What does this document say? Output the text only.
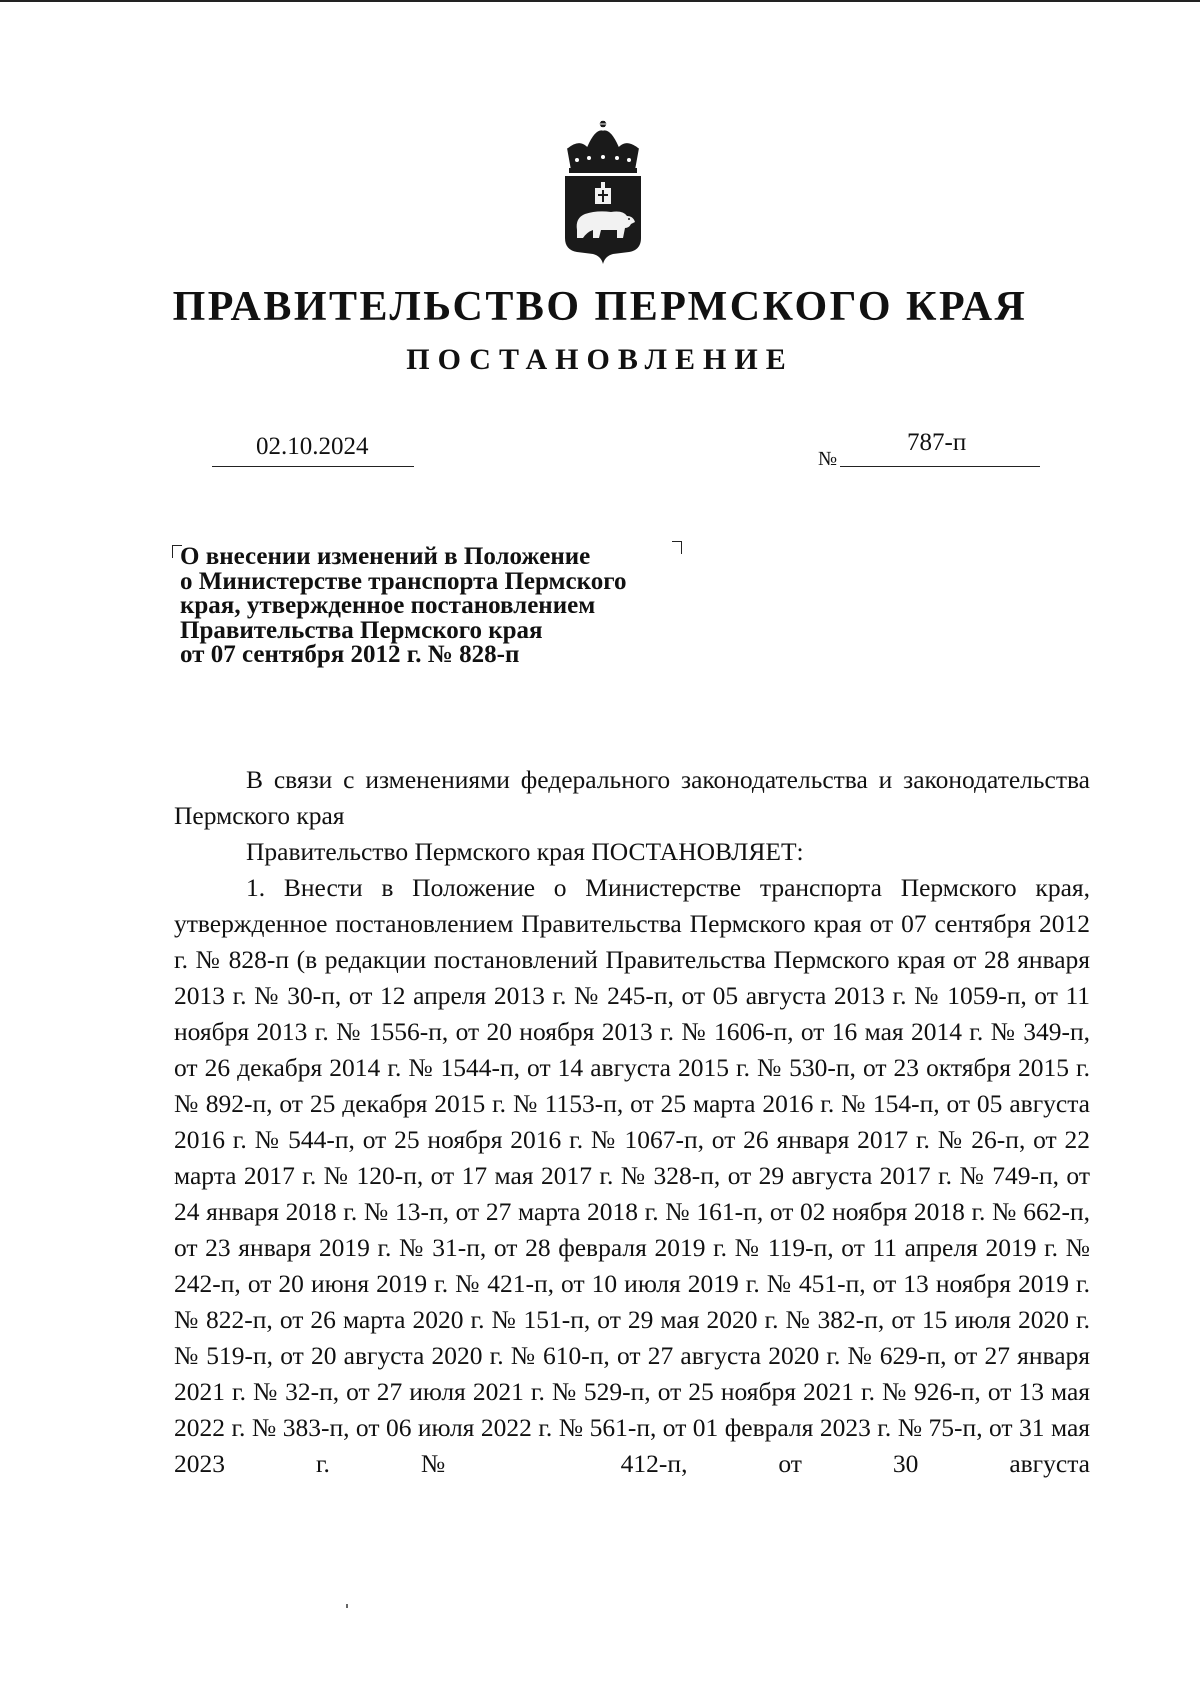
ПРАВИТЕЛЬСТВО ПЕРМСКОГО КРАЯ
ПОСТАНОВЛЕНИЕ
02.10.2024	№
787-п
О внесении изменений в Положение
о Министерстве транспорта Пермского
края, утвержденное постановлением
Правительства Пермского края
от 07 сентября 2012 г. № 828-п

В связи с изменениями федерального законодательства и законодательства Пермского края

Правительство Пермского края ПОСТАНОВЛЯЕТ:

1. Внести в Положение о Министерстве транспорта Пермского края, утвержденное постановлением Правительства Пермского края от 07 сентября 2012 г. № 828-п (в редакции постановлений Правительства Пермского края от 28 января 2013 г. № 30-п, от 12 апреля 2013 г. № 245-п, от 05 августа 2013 г. № 1059-п, от 11 ноября 2013 г. № 1556-п, от 20 ноября 2013 г. № 1606-п, от 16 мая 2014 г. № 349-п, от 26 декабря 2014 г. № 1544-п, от 14 августа 2015 г. № 530-п, от 23 октября 2015 г. № 892-п, от 25 декабря 2015 г. № 1153-п, от 25 марта 2016 г. № 154-п, от 05 августа 2016 г. № 544-п, от 25 ноября 2016 г. № 1067-п, от 26 января 2017 г. № 26-п, от 22 марта 2017 г. № 120-п, от 17 мая 2017 г. № 328-п, от 29 августа 2017 г. № 749-п, от 24 января 2018 г. № 13-п, от 27 марта 2018 г. № 161-п, от 02 ноября 2018 г. № 662-п, от 23 января 2019 г. № 31-п, от 28 февраля 2019 г. № 119-п, от 11 апреля 2019 г. № 242-п, от 20 июня 2019 г. № 421-п, от 10 июля 2019 г. № 451-п, от 13 ноября 2019 г. № 822-п, от 26 марта 2020 г. № 151-п, от 29 мая 2020 г. № 382-п, от 15 июля 2020 г. № 519-п, от 20 августа 2020 г. № 610-п, от 27 августа 2020 г. № 629-п, от 27 января 2021 г. № 32-п, от 27 июля 2021 г. № 529-п, от 25 ноября 2021 г. № 926-п, от 13 мая 2022 г. № 383-п, от 06 июля 2022 г. № 561-п, от 01 февраля 2023 г. № 75-п, от 31 мая 2023 г. № 412-п, от 30 августа
